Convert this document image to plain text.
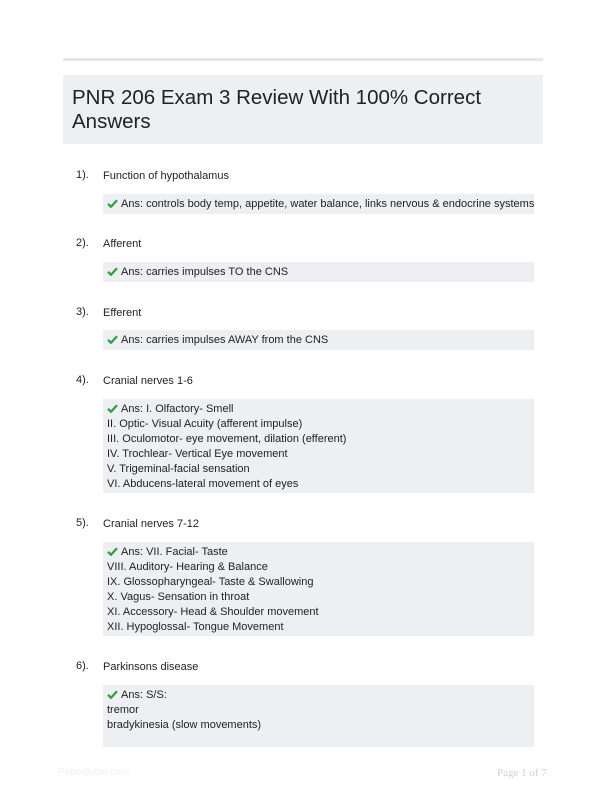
PNR 206 Exam 3 Review With 100% Correct
Answers
1). Function of hypothalamus
Ans: controls body temp, appetite, water balance, links nervous & endocrine systems
2). Afferent
Ans: carries impulses TO the CNS
3). Efferent
Ans: carries impulses AWAY from the CNS
4). Cranial nerves 1-6
Ans: I. Olfactory- Smell
II. Optic- Visual Acuity (afferent impulse)
III. Oculomotor- eye movement, dilation (efferent)
IV. Trochlear- Vertical Eye movement
V. Trigeminal-facial sensation
VI. Abducens-lateral movement of eyes
5). Cranial nerves 7-12
Ans: VII. Facial- Taste
VIII. Auditory- Hearing & Balance
IX. Glossopharyngeal- Taste & Swallowing
X. Vagus- Sensation in throat
XI. Accessory- Head & Shoulder movement
XII. Hypoglossal- Tongue Movement
6). Parkinsons disease
Ans: S/S:
tremor
bradykinesia (slow movements)
PaperBitter.com	Page 1 of 7
